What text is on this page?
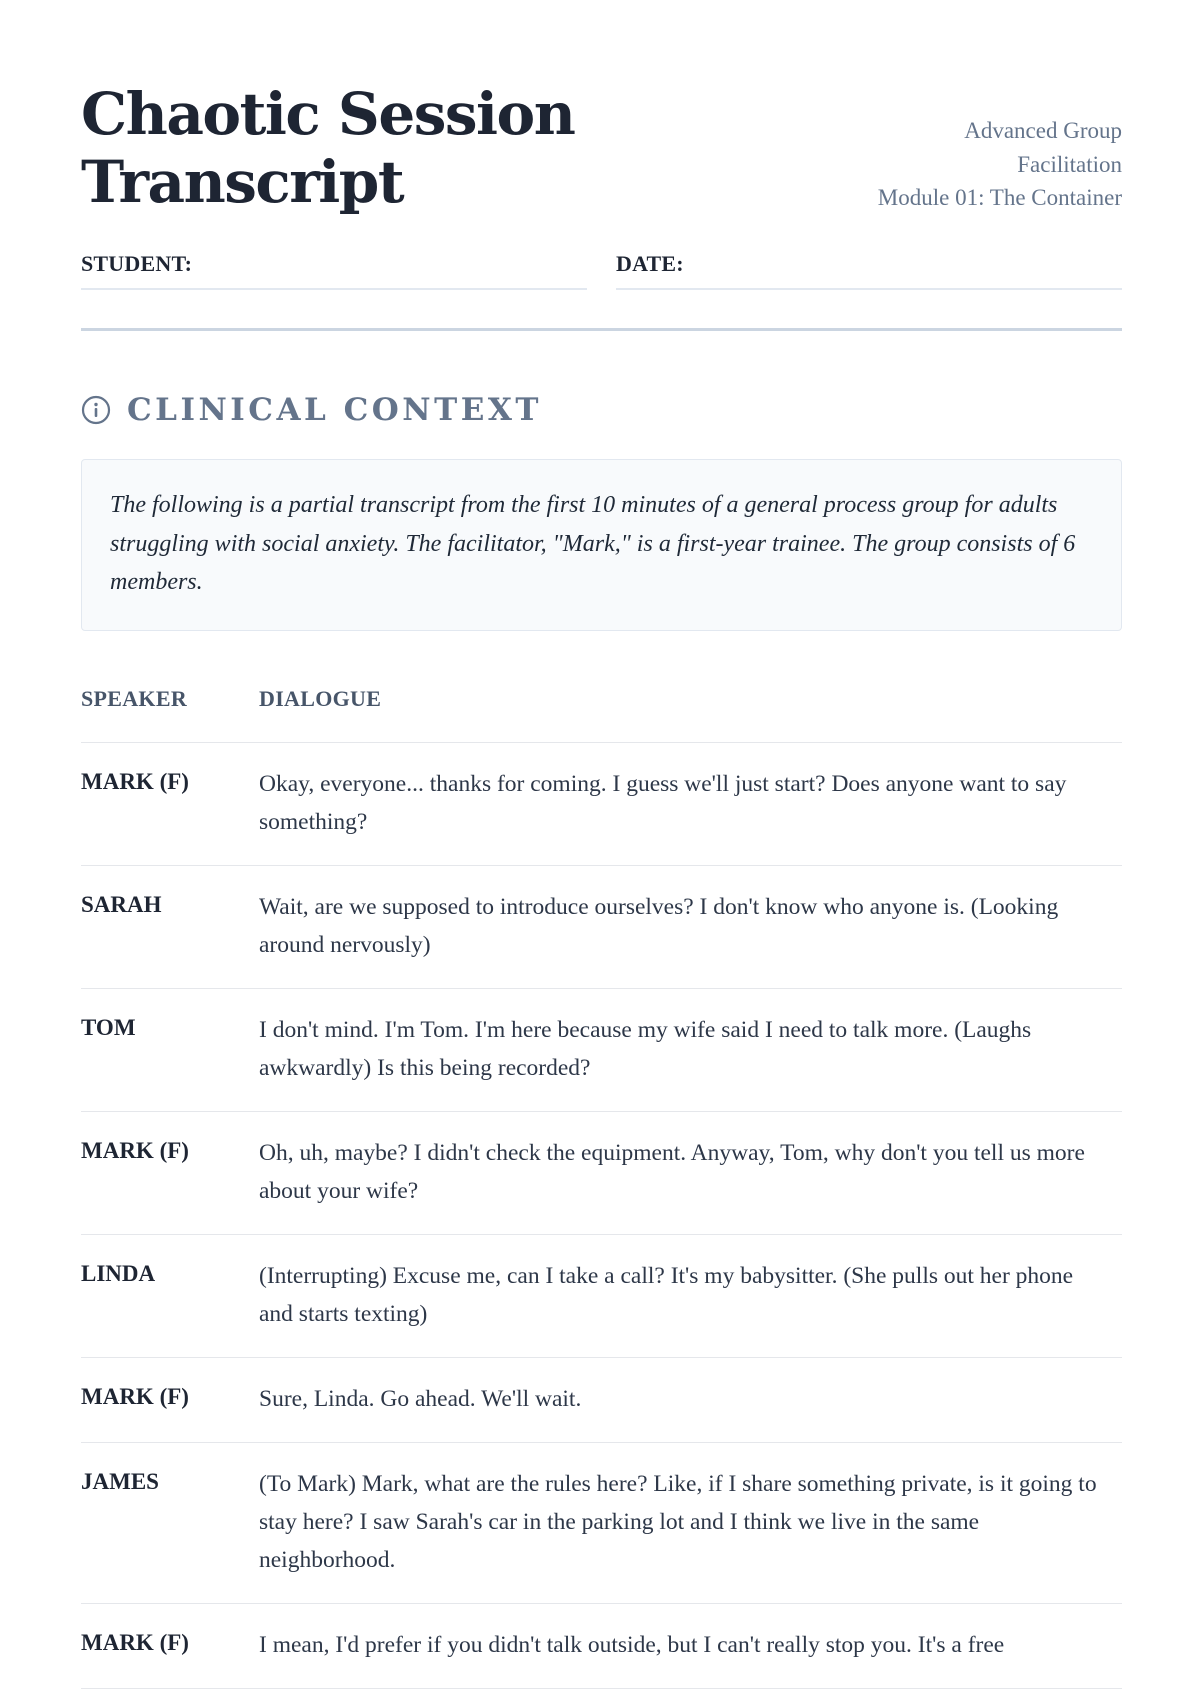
Chaotic Session Transcript
Advanced Group
Facilitation
Module 01: The Container
STUDENT:	DATE:
CLINICAL CONTEXT
The following is a partial transcript from the first 10 minutes of a general process group for adults struggling with social anxiety. The facilitator, "Mark," is a first-year trainee. The group consists of 6 members.
SPEAKER	DIALOGUE
MARK (F)	Okay, everyone... thanks for coming. I guess we'll just start? Does anyone want to say something?
SARAH	Wait, are we supposed to introduce ourselves? I don't know who anyone is. (Looking around nervously)
TOM	I don't mind. I'm Tom. I'm here because my wife said I need to talk more. (Laughs awkwardly) Is this being recorded?
MARK (F)	Oh, uh, maybe? I didn't check the equipment. Anyway, Tom, why don't you tell us more about your wife?
LINDA	(Interrupting) Excuse me, can I take a call? It's my babysitter. (She pulls out her phone and starts texting)
MARK (F)	Sure, Linda. Go ahead. We'll wait.
JAMES	(To Mark) Mark, what are the rules here? Like, if I share something private, is it going to stay here? I saw Sarah's car in the parking lot and I think we live in the same neighborhood.
MARK (F)	I mean, I'd prefer if you didn't talk outside, but I can't really stop you. It's a free
